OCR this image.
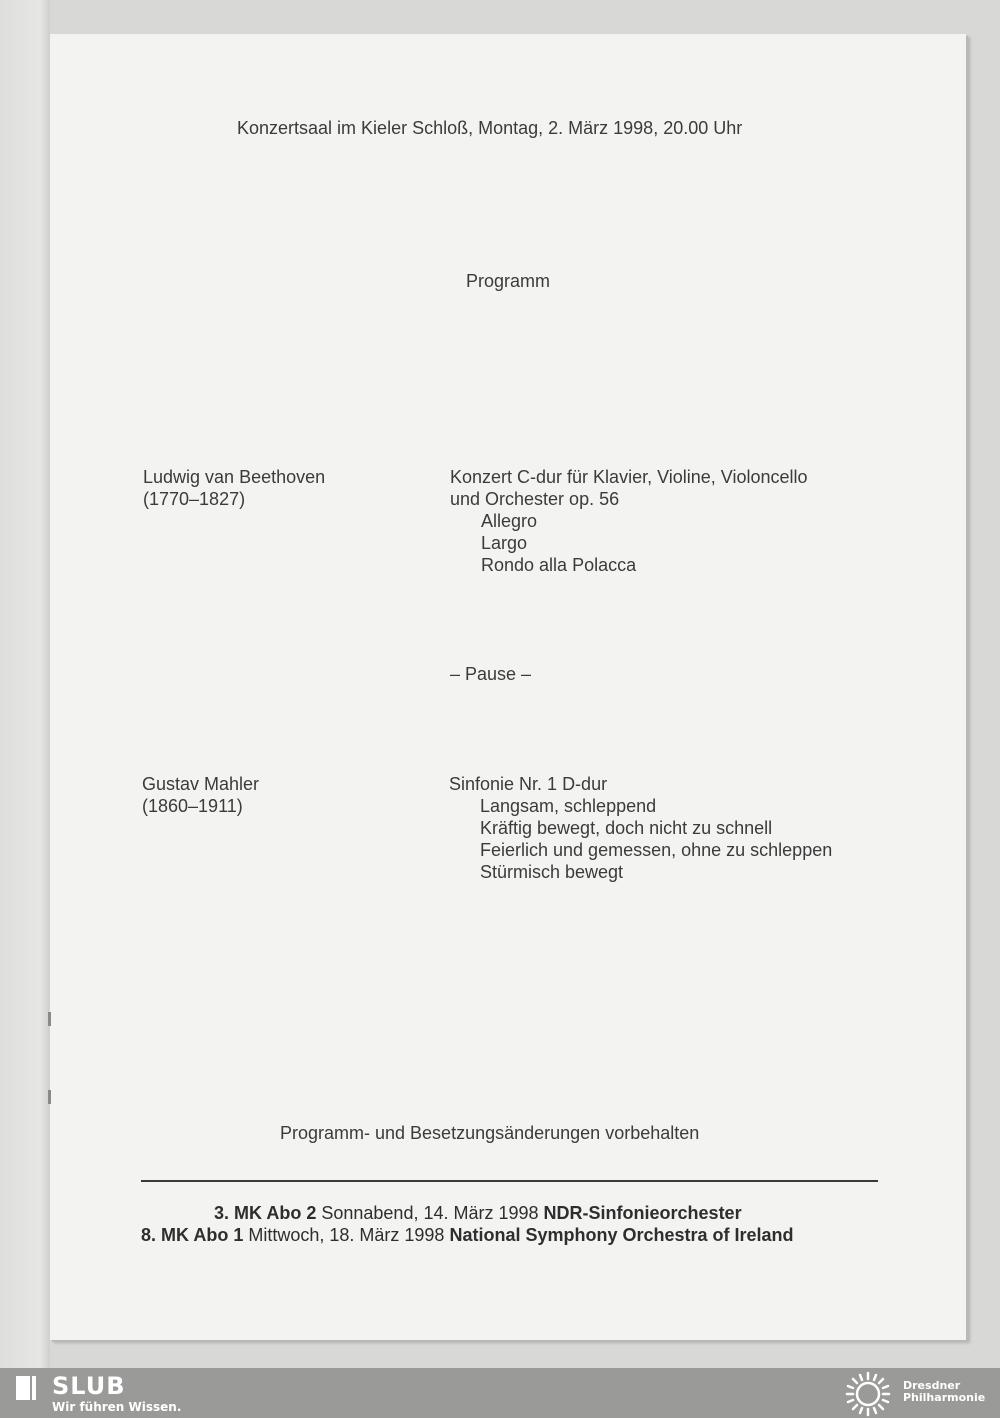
Konzertsaal im Kieler Schloß, Montag, 2. März 1998, 20.00 Uhr
Programm
Ludwig van Beethoven
(1770–1827)
Konzert C-dur für Klavier, Violine, Violoncello
und Orchester op. 56
Allegro
Largo
Rondo alla Polacca
– Pause –
Gustav Mahler
(1860–1911)
Sinfonie Nr. 1 D-dur
Langsam, schleppend
Kräftig bewegt, doch nicht zu schnell
Feierlich und gemessen, ohne zu schleppen
Stürmisch bewegt
Programm- und Besetzungsänderungen vorbehalten
3. MK Abo 2 Sonnabend, 14. März 1998 NDR-Sinfonieorchester
8. MK Abo 1 Mittwoch, 18. März 1998 National Symphony Orchestra of Ireland
SLUB
Wir führen Wissen.
Dresdner
Philharmonie
